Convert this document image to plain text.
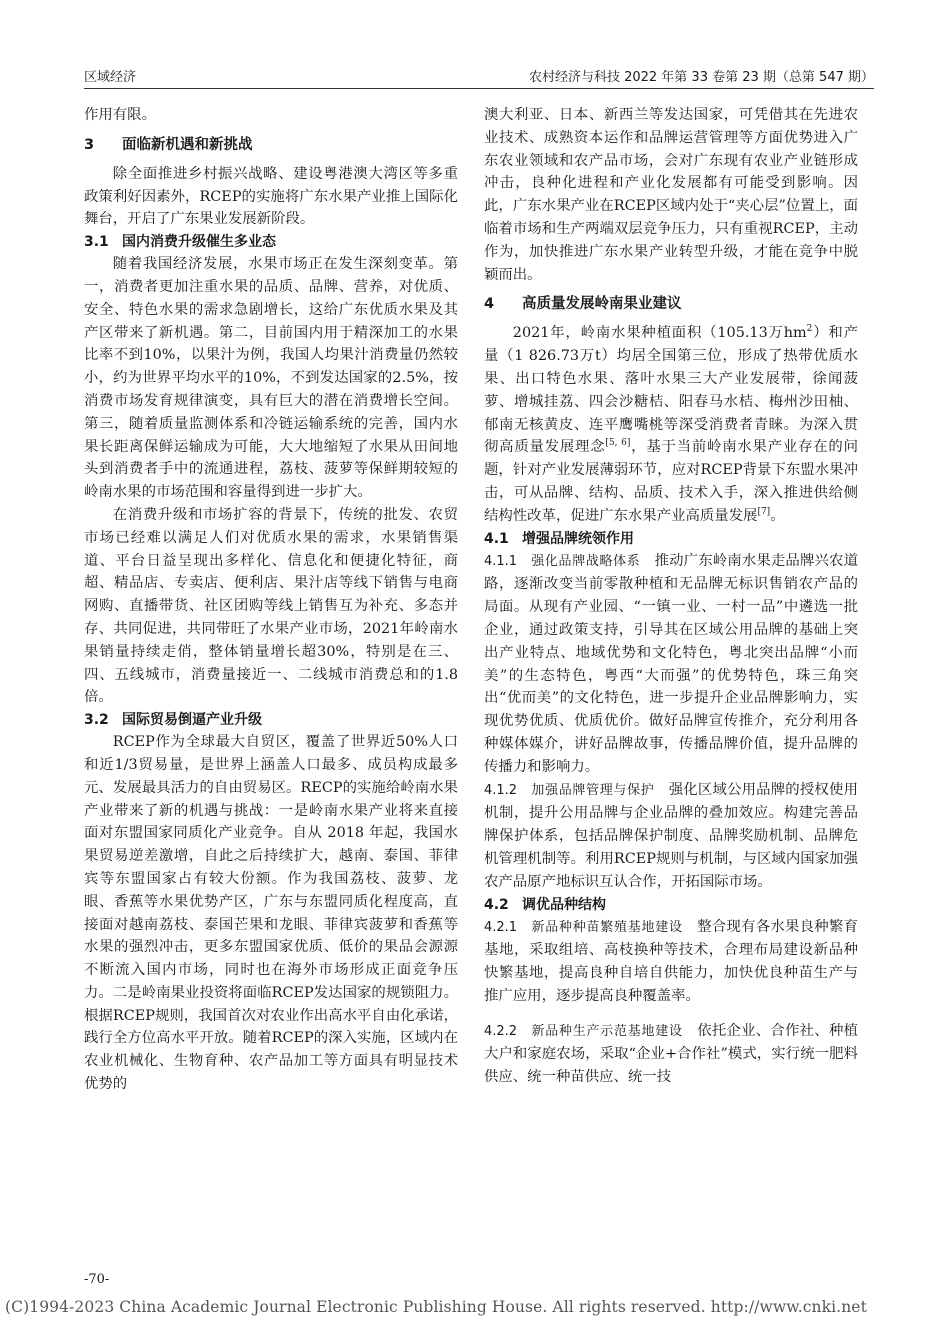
区域经济	农村经济与科技 2022 年第 33 卷第 23 期（总第 547 期）

作用有限。

3 面临新机遇和新挑战

除全面推进乡村振兴战略、建设粤港澳大湾区等多重政策利好因素外，RCEP的实施将广东水果产业推上国际化舞台，开启了广东果业发展新阶段。

3.1 国内消费升级催生多业态

随着我国经济发展，水果市场正在发生深刻变革。第一，消费者更加注重水果的品质、品牌、营养，对优质、安全、特色水果的需求急剧增长，这给广东优质水果及其产区带来了新机遇。第二，目前国内用于精深加工的水果比率不到10%，以果汁为例，我国人均果汁消费量仍然较小，约为世界平均水平的10%，不到发达国家的2.5%，按消费市场发育规律演变，具有巨大的潜在消费增长空间。第三，随着质量监测体系和冷链运输系统的完善，国内水果长距离保鲜运输成为可能，大大地缩短了水果从田间地头到消费者手中的流通进程，荔枝、菠萝等保鲜期较短的岭南水果的市场范围和容量得到进一步扩大。

在消费升级和市场扩容的背景下，传统的批发、农贸市场已经难以满足人们对优质水果的需求，水果销售渠道、平台日益呈现出多样化、信息化和便捷化特征，商超、精品店、专卖店、便利店、果汁店等线下销售与电商网购、直播带货、社区团购等线上销售互为补充、多态并存、共同促进，共同带旺了水果产业市场，2021年岭南水果销量持续走俏，整体销量增长超30%，特别是在三、四、五线城市，消费量接近一、二线城市消费总和的1.8倍。

3.2 国际贸易倒逼产业升级

RCEP作为全球最大自贸区，覆盖了世界近50%人口和近1/3贸易量，是世界上涵盖人口最多、成员构成最多元、发展最具活力的自由贸易区。RECP的实施给岭南水果产业带来了新的机遇与挑战：一是岭南水果产业将来直接面对东盟国家同质化产业竞争。自从 2018 年起，我国水果贸易逆差激增，自此之后持续扩大，越南、泰国、菲律宾等东盟国家占有较大份额。作为我国荔枝、菠萝、龙眼、香蕉等水果优势产区，广东与东盟同质化程度高，直接面对越南荔枝、泰国芒果和龙眼、菲律宾菠萝和香蕉等水果的强烈冲击，更多东盟国家优质、低价的果品会源源不断流入国内市场，同时也在海外市场形成正面竞争压力。二是岭南果业投资将面临RCEP发达国家的规锁阻力。根据RCEP规则，我国首次对农业作出高水平自由化承诺，践行全方位高水平开放。随着RCEP的深入实施，区域内在农业机械化、生物育种、农产品加工等方面具有明显技术优势的

澳大利亚、日本、新西兰等发达国家，可凭借其在先进农业技术、成熟资本运作和品牌运营管理等方面优势进入广东农业领域和农产品市场，会对广东现有农业产业链形成冲击，良种化进程和产业化发展都有可能受到影响。因此，广东水果产业在RCEP区域内处于“夹心层”位置上，面临着市场和生产两端双层竞争压力，只有重视RCEP，主动作为，加快推进广东水果产业转型升级，才能在竞争中脱颖而出。

4 高质量发展岭南果业建议

2021年，岭南水果种植面积（105.13万$hm^2$）和产量（1 826.73万t）均居全国第三位，形成了热带优质水果、出口特色水果、落叶水果三大产业发展带，徐闻菠萝、增城挂荔、四会沙糖桔、阳春马水桔、梅州沙田柚、郁南无核黄皮、连平鹰嘴桃等深受消费者青睐。为深入贯彻高质量发展理念[5, 6]，基于当前岭南水果产业存在的问题，针对产业发展薄弱环节，应对RCEP背景下东盟水果冲击，可从品牌、结构、品质、技术入手，深入推进供给侧结构性改革，促进广东水果产业高质量发展[7]。

4.1 增强品牌统领作用

4.1.1 强化品牌战略体系 推动广东岭南水果走品牌兴农道路，逐渐改变当前零散种植和无品牌无标识售销农产品的局面。从现有产业园、“一镇一业、一村一品”中遴选一批企业，通过政策支持，引导其在区域公用品牌的基础上突出产业特点、地域优势和文化特色，粤北突出品牌“小而美”的生态特色，粤西“大而强”的优势特色，珠三角突出“优而美”的文化特色，进一步提升企业品牌影响力，实现优势优质、优质优价。做好品牌宣传推介，充分利用各种媒体媒介，讲好品牌故事，传播品牌价值，提升品牌的传播力和影响力。

4.1.2 加强品牌管理与保护 强化区域公用品牌的授权使用机制，提升公用品牌与企业品牌的叠加效应。构建完善品牌保护体系，包括品牌保护制度、品牌奖励机制、品牌危机管理机制等。利用RCEP规则与机制，与区域内国家加强农产品原产地标识互认合作，开拓国际市场。

4.2 调优品种结构

4.2.1 新品种种苗繁殖基地建设 整合现有各水果良种繁育基地，采取组培、高枝换种等技术，合理布局建设新品种快繁基地，提高良种自培自供能力，加快优良种苗生产与推广应用，逐步提高良种覆盖率。

4.2.2 新品种生产示范基地建设 依托企业、合作社、种植大户和家庭农场，采取“企业+合作社”模式，实行统一肥料供应、统一种苗供应、统一技

-70-
(C)1994-2023 China Academic Journal Electronic Publishing House. All rights reserved. http://www.cnki.net
